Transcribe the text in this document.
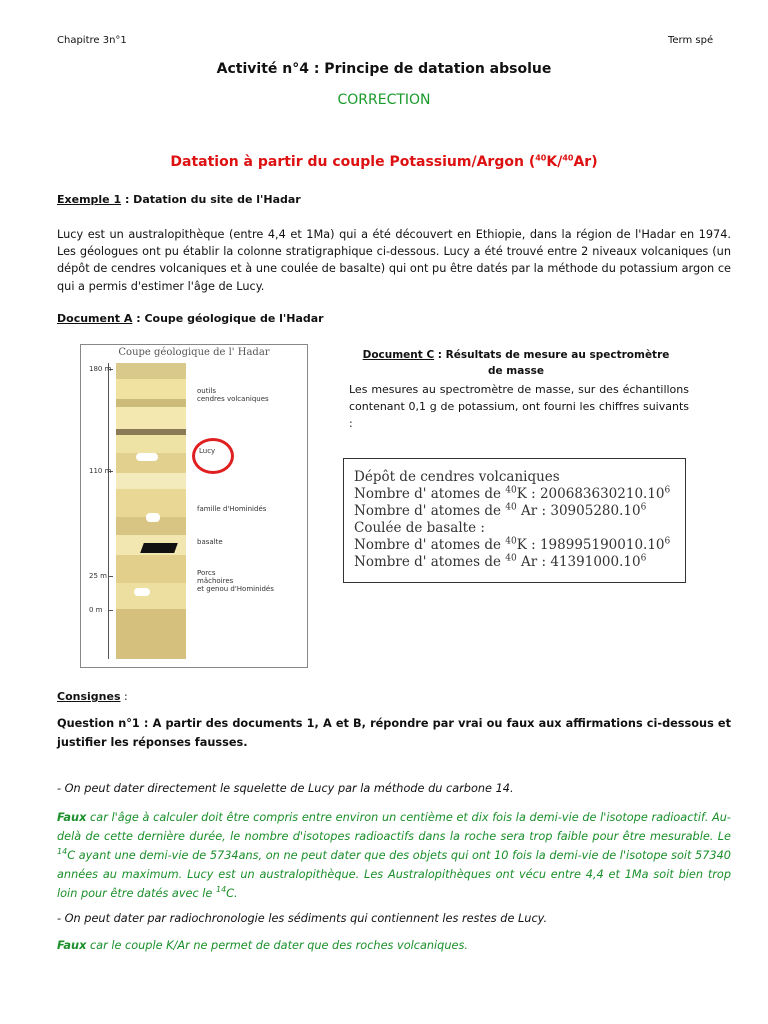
Chapitre 3n°1	Term spé
Activité n°4 : Principe de datation absolue
CORRECTION
Datation à partir du couple Potassium/Argon ($^{40}$K/$^{40}$Ar)
Exemple 1 : Datation du site de l'Hadar
Lucy est un australopithèque (entre 4,4 et 1Ma) qui a été découvert en Ethiopie, dans la région de l'Hadar en 1974. Les géologues ont pu établir la colonne stratigraphique ci-dessous. Lucy a été trouvé entre 2 niveaux volcaniques (un dépôt de cendres volcaniques et à une coulée de basalte) qui ont pu être datés par la méthode du potassium argon ce qui a permis d'estimer l'âge de Lucy.
Document A : Coupe géologique de l'Hadar
Coupe géologique de l' Hadar
180 m
110 m
25 m
0 m
outils
cendres volcaniques
Lucy
famille d'Hominidés
basalte
Porcs
mâchoires
et genou d'Hominidés
Document C : Résultats de mesure au spectromètre
de masse
Les mesures au spectromètre de masse, sur des échantillons contenant 0,1 g de potassium, ont fourni les chiffres suivants :
Dépôt de cendres volcaniques
Nombre d' atomes de $^{40}$K : 200683630210.10$^6$
Nombre d' atomes de $^{40}$ Ar : 30905280.10$^6$
Coulée de basalte :
Nombre d' atomes de $^{40}$K : 198995190010.10$^6$
Nombre d' atomes de $^{40}$ Ar : 41391000.10$^6$
Consignes :
Question n°1 : A partir des documents 1, A et B, répondre par vrai ou faux aux affirmations ci-dessous et justifier les réponses fausses.
- On peut dater directement le squelette de Lucy par la méthode du carbone 14.
Faux car l'âge à calculer doit être compris entre environ un centième et dix fois la demi-vie de l'isotope radioactif. Au-delà de cette dernière durée, le nombre d'isotopes radioactifs dans la roche sera trop faible pour être mesurable. Le $^{14}$C ayant une demi-vie de 5734ans, on ne peut dater que des objets qui ont 10 fois la demi-vie de l'isotope soit 57340 années au maximum. Lucy est un australopithèque. Les Australopithèques ont vécu entre 4,4 et 1Ma soit bien trop loin pour être datés avec le $^{14}$C.
- On peut dater par radiochronologie les sédiments qui contiennent les restes de Lucy.
Faux car le couple K/Ar ne permet de dater que des roches volcaniques.
